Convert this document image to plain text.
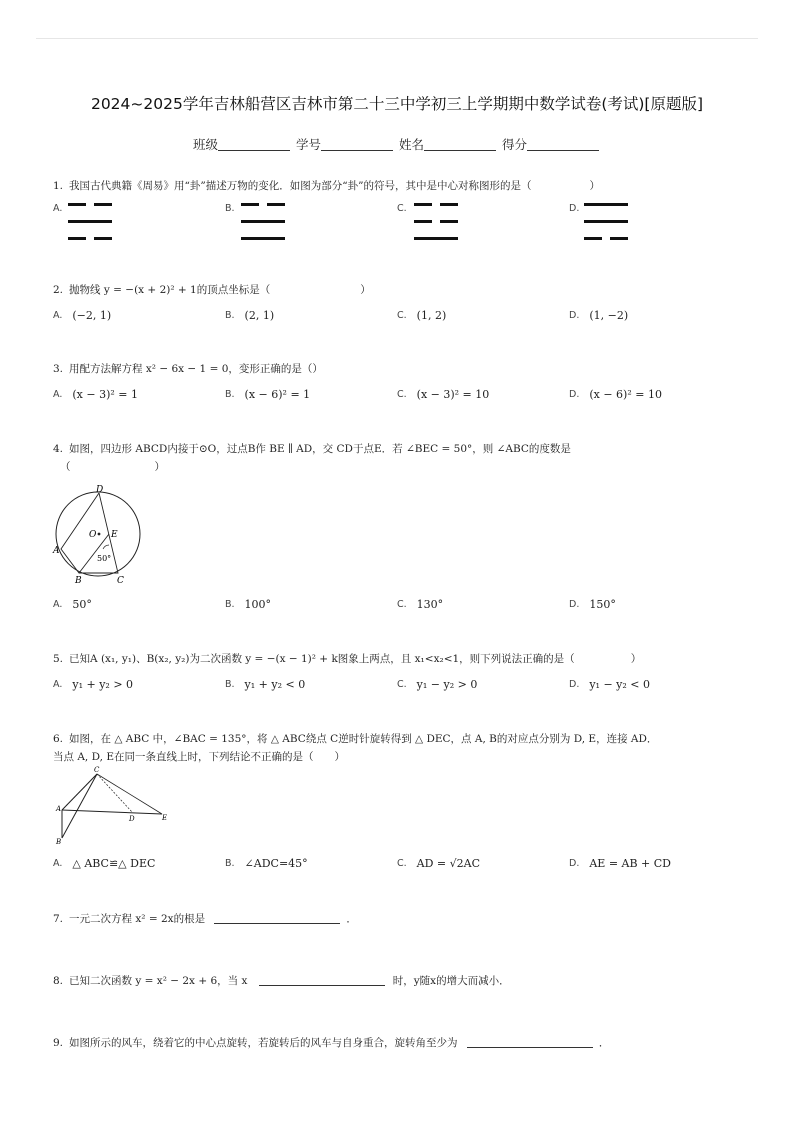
2024~2025学年吉林船营区吉林市第二十三中学初三上学期期中数学试卷(考试)[原题版]
班级	学号	姓名	得分
1. 我国古代典籍《周易》用“卦”描述万物的变化．如图为部分“卦”的符号，其中是中心对称图形的是（	）
A.	B.	C.	D.
2. 抛物线 y = −(x + 2)² + 1的顶点坐标是（	）
A. (−2, 1)	B. (2, 1)	C. (1, 2)	D. (1, −2)
3. 用配方法解方程 x² − 6x − 1 = 0，变形正确的是（）
A. (x − 3)² = 1	B. (x − 6)² = 1	C. (x − 3)² = 10	D. (x − 6)² = 10
4. 如图，四边形 ABCD内接于⊙O，过点B作 BE ∥ AD，交 CD于点E．若 ∠BEC = 50°，则 ∠ABC的度数是
（	）
D
O E
A
B	C
50°
A. 50°	B. 100°	C. 130°	D. 150°
5. 已知A (x₁, y₁)、B(x₂, y₂)为二次函数 y = −(x − 1)² + k图象上两点，且 x₁<x₂<1，则下列说法正确的是（	）
A. y₁ + y₂ > 0	B. y₁ + y₂ < 0	C. y₁ − y₂ > 0	D. y₁ − y₂ < 0
6. 如图，在 △ ABC 中，∠BAC = 135°，将 △ ABC绕点 C逆时针旋转得到 △ DEC，点 A, B的对应点分别为 D, E，连接 AD．
当点 A, D, E在同一条直线上时，下列结论不正确的是（　　）
C
A
D	E
B
A. △ ABC≌△ DEC	B. ∠ADC=45°	C. AD = √2AC	D. AE = AB + CD
7. 一元二次方程 x² = 2x的根是	．
8. 已知二次函数 y = x² − 2x + 6，当 x	时，y随x的增大而减小．
9. 如图所示的风车，绕着它的中心点旋转，若旋转后的风车与自身重合，旋转角至少为	．
